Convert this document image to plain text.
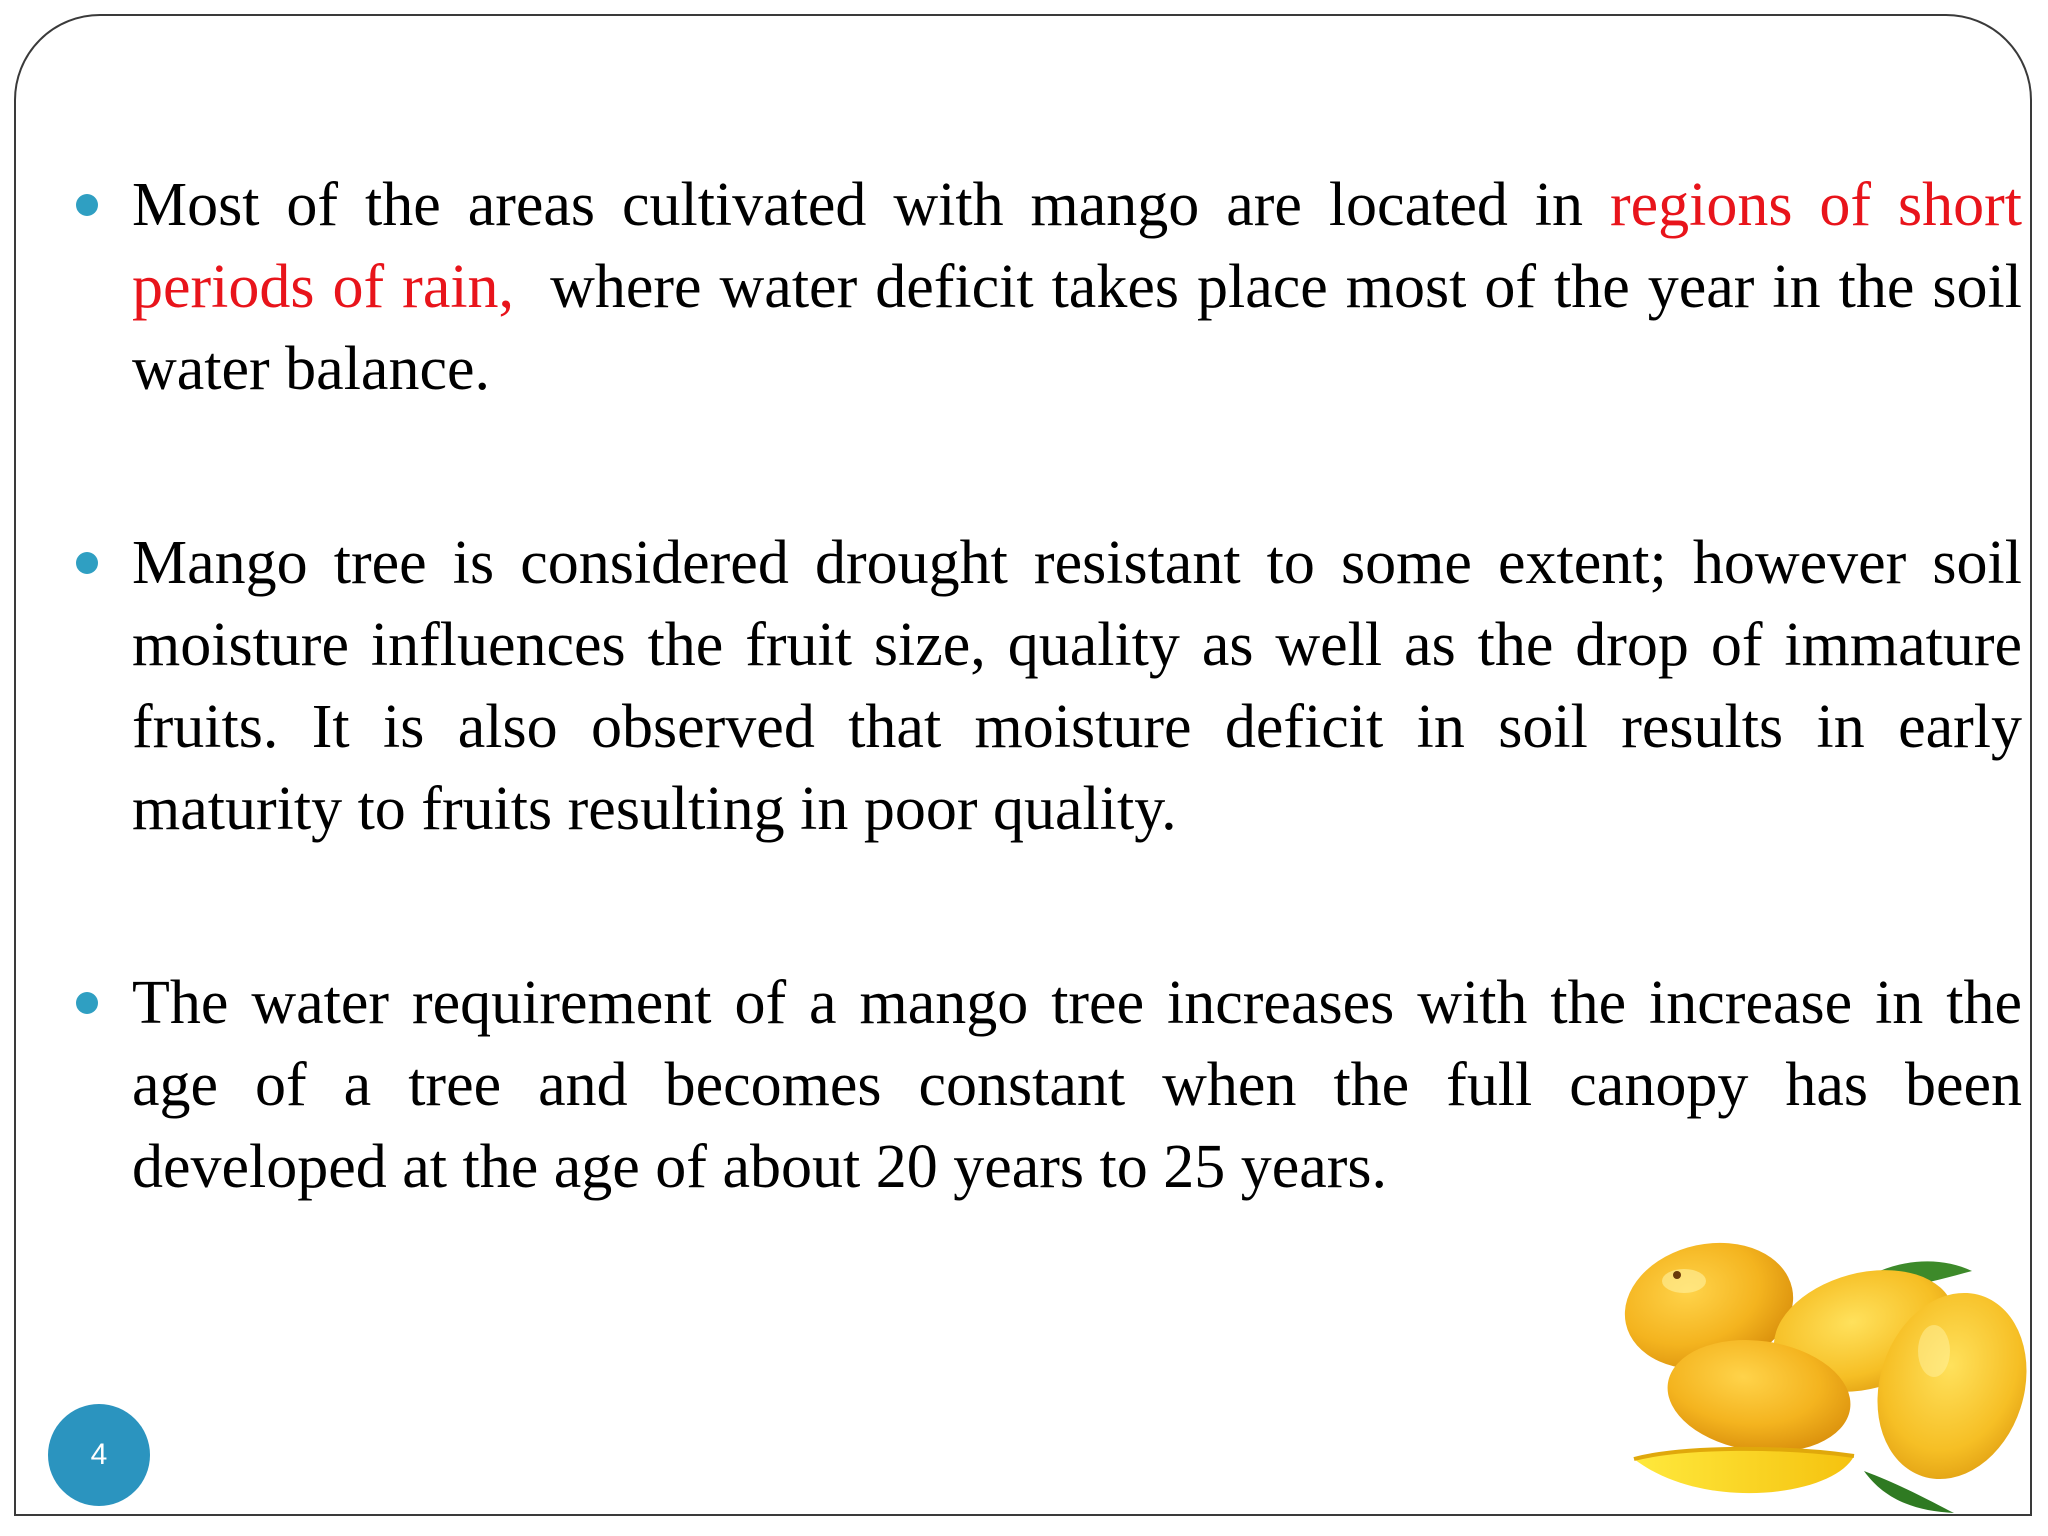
Most of the areas cultivated with mango are located in regions of short periods of rain,  where water deficit takes place most of the year in the soil water balance.

Mango tree is considered drought resistant to some extent; however soil moisture influences the fruit size, quality as well as the drop of immature fruits. It is also observed that moisture deficit in soil results in early maturity to fruits resulting in poor quality.

The water requirement of a mango tree increases with the increase in the age of a tree and becomes constant when the full canopy has been developed at the age of about 20 years to 25 years.

4
